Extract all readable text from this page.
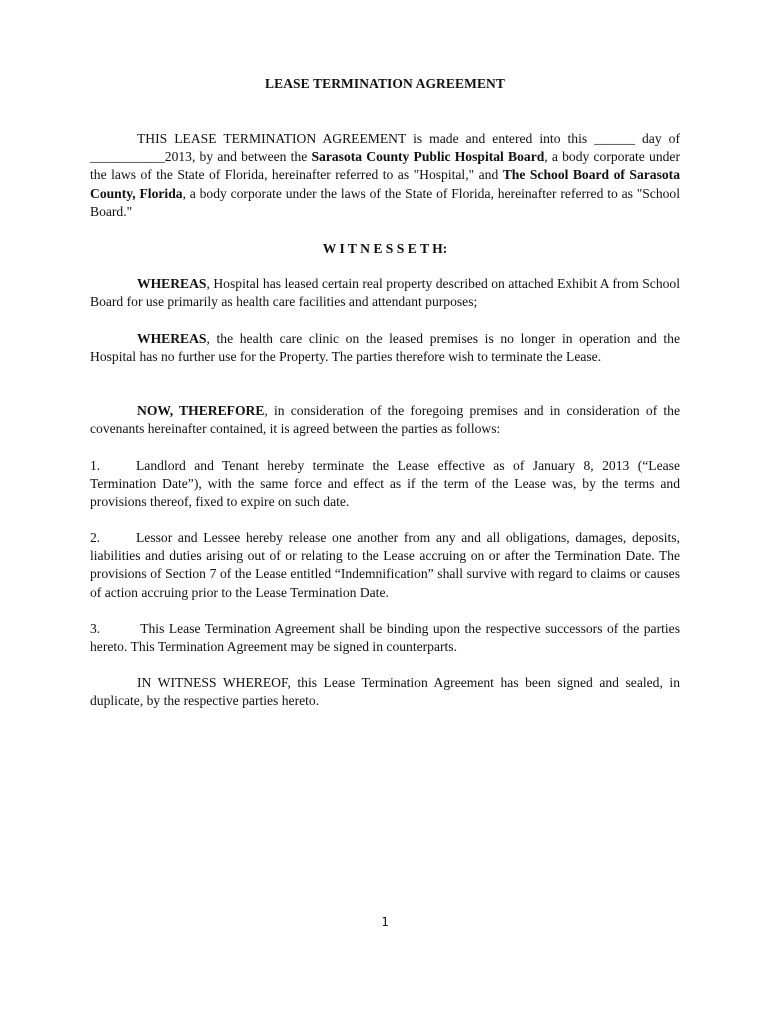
LEASE TERMINATION AGREEMENT
THIS LEASE TERMINATION AGREEMENT is made and entered into this ______ day of ___________2013, by and between the Sarasota County Public Hospital Board, a body corporate under the laws of the State of Florida, hereinafter referred to as "Hospital," and The School Board of Sarasota County, Florida, a body corporate under the laws of the State of Florida, hereinafter referred to as "School Board."
W I T N E S S E T H:
WHEREAS, Hospital has leased certain real property described on attached Exhibit A from School Board for use primarily as health care facilities and attendant purposes;
WHEREAS, the health care clinic on the leased premises is no longer in operation and the Hospital has no further use for the Property. The parties therefore wish to terminate the Lease.
NOW, THEREFORE, in consideration of the foregoing premises and in consideration of the covenants hereinafter contained, it is agreed between the parties as follows:
1.	Landlord and Tenant hereby terminate the Lease effective as of January 8, 2013 (“Lease Termination Date”), with the same force and effect as if the term of the Lease was, by the terms and provisions thereof, fixed to expire on such date.
2.	Lessor and Lessee hereby release one another from any and all obligations, damages, deposits, liabilities and duties arising out of or relating to the Lease accruing on or after the Termination Date. The provisions of Section 7 of the Lease entitled “Indemnification” shall survive with regard to claims or causes of action accruing prior to the Lease Termination Date.
3.	This Lease Termination Agreement shall be binding upon the respective successors of the parties hereto. This Termination Agreement may be signed in counterparts.
IN WITNESS WHEREOF, this Lease Termination Agreement has been signed and sealed, in duplicate, by the respective parties hereto.
1
